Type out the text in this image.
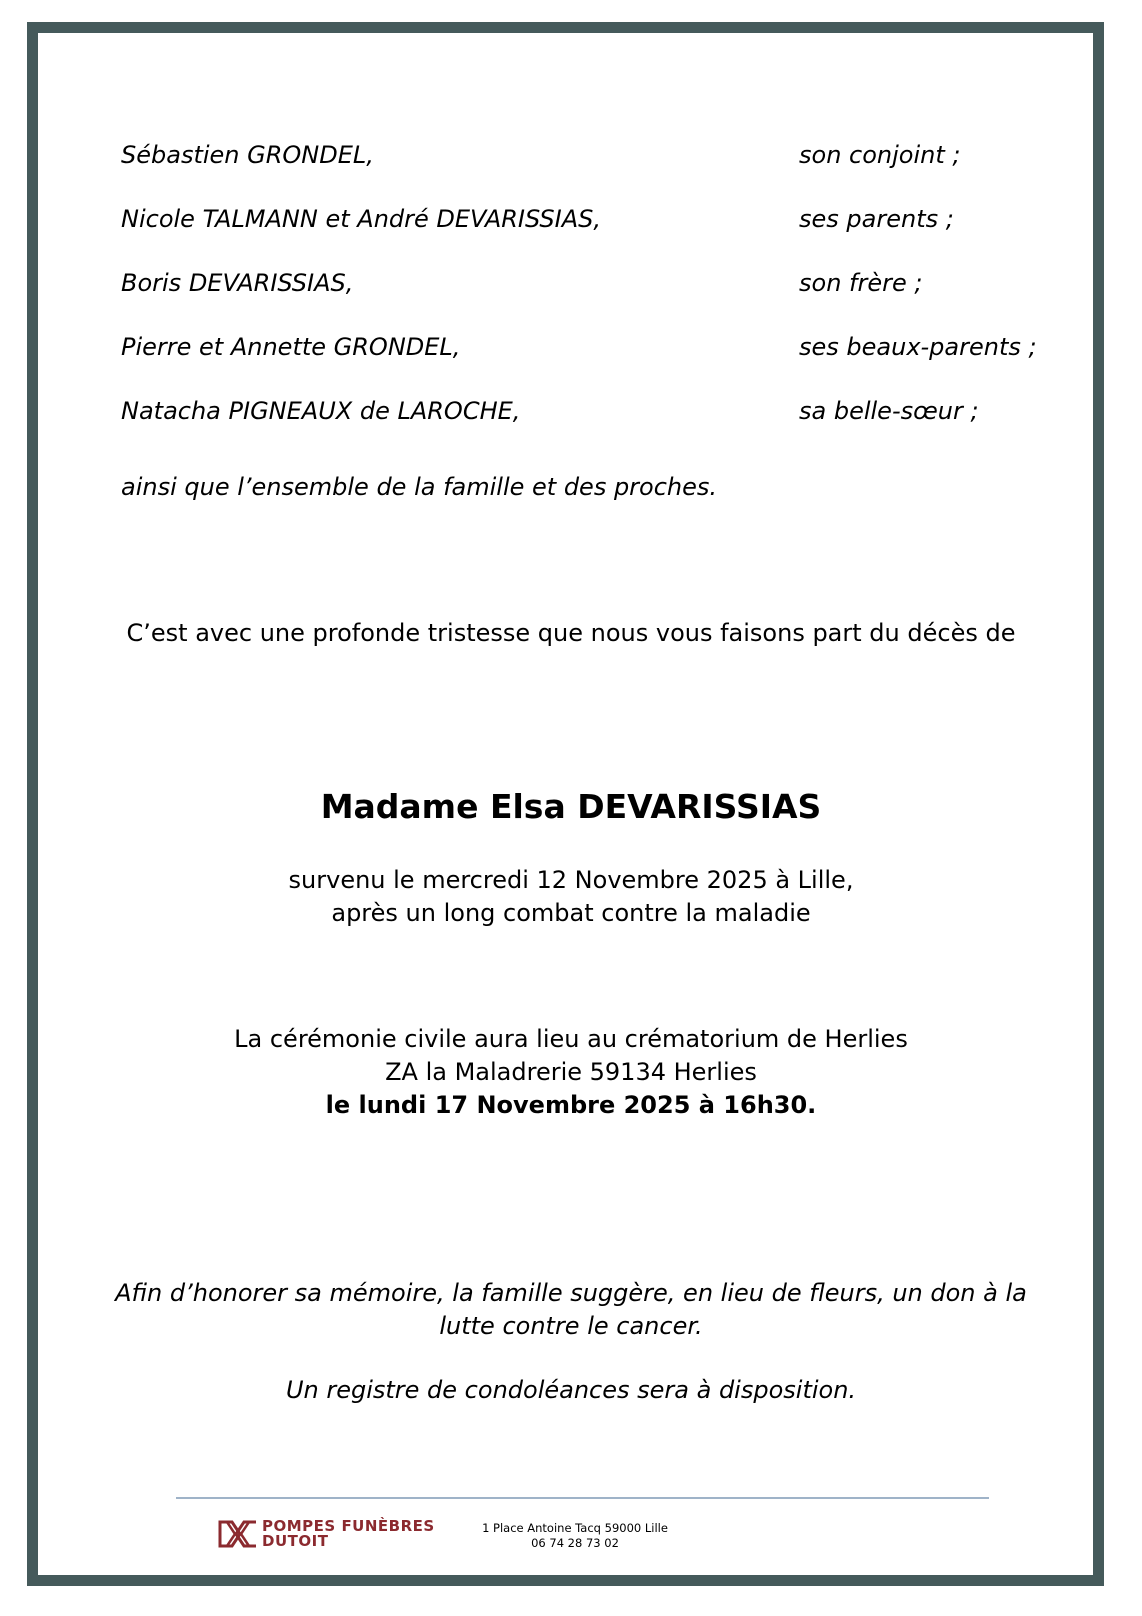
Sébastien GRONDEL,	son conjoint ;
Nicole TALMANN et André DEVARISSIAS,	ses parents ;
Boris DEVARISSIAS,	son frère ;
Pierre et Annette GRONDEL,	ses beaux-parents ;
Natacha PIGNEAUX de LAROCHE,	sa belle-sœur ;
ainsi que l’ensemble de la famille et des proches.
C’est avec une profonde tristesse que nous vous faisons part du décès de
Madame Elsa DEVARISSIAS
survenu le mercredi 12 Novembre 2025 à Lille,
après un long combat contre la maladie
La cérémonie civile aura lieu au crématorium de Herlies
ZA la Maladrerie 59134 Herlies
le lundi 17 Novembre 2025 à 16h30.
Afin d’honorer sa mémoire, la famille suggère, en lieu de fleurs, un don à la
lutte contre le cancer.
Un registre de condoléances sera à disposition.
POMPES FUNÈBRES
DUTOIT
1 Place Antoine Tacq 59000 Lille
06 74 28 73 02
